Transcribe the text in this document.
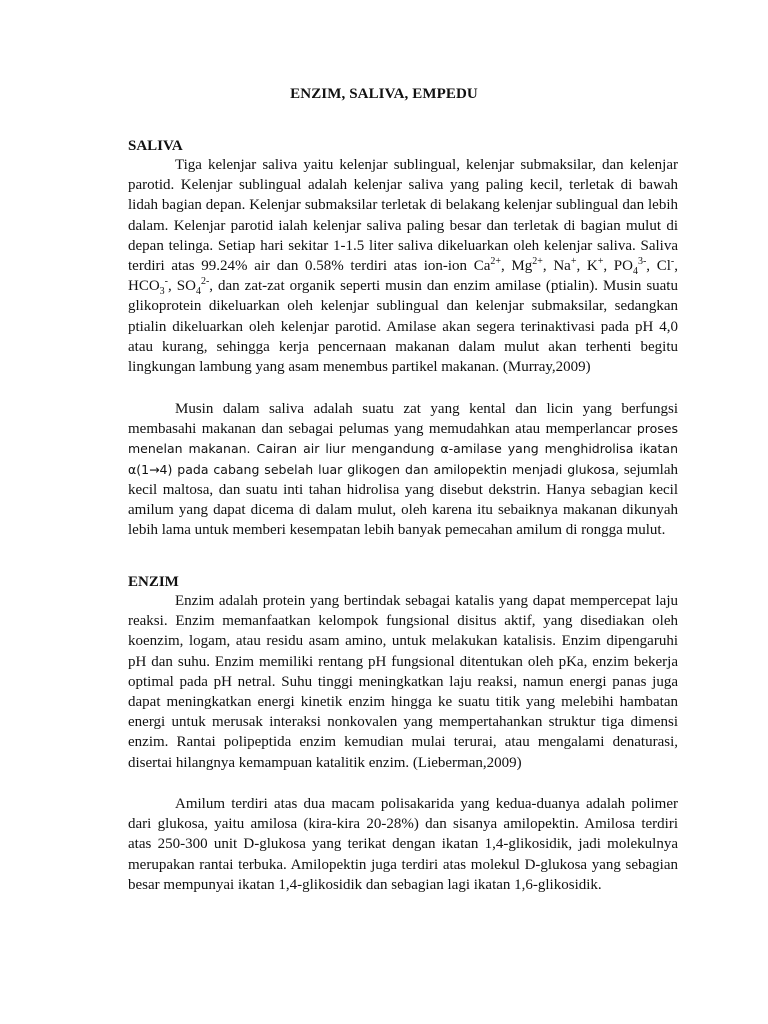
ENZIM, SALIVA, EMPEDU
SALIVA

Tiga kelenjar saliva yaitu kelenjar sublingual, kelenjar submaksilar, dan kelenjar parotid. Kelenjar sublingual adalah kelenjar saliva yang paling kecil, terletak di bawah lidah bagian depan. Kelenjar submaksilar terletak di belakang kelenjar sublingual dan lebih dalam. Kelenjar parotid ialah kelenjar saliva paling besar dan terletak di bagian mulut di depan telinga. Setiap hari sekitar 1-1.5 liter saliva dikeluarkan oleh kelenjar saliva. Saliva terdiri atas 99.24% air dan 0.58% terdiri atas ion-ion $Ca^{2+}$, $Mg^{2+}$, Na+, K+, $PO_4^{3-}$, Cl-, $HCO_3^-$, $SO_4^{2-}$, dan zat-zat organik seperti musin dan enzim amilase (ptialin). Musin suatu glikoprotein dikeluarkan oleh kelenjar sublingual dan kelenjar submaksilar, sedangkan ptialin dikeluarkan oleh kelenjar parotid. Amilase akan segera terinaktivasi pada pH 4,0 atau kurang, sehingga kerja pencernaan makanan dalam mulut akan terhenti begitu lingkungan lambung yang asam menembus partikel makanan. (Murray,2009)

Musin dalam saliva adalah suatu zat yang kental dan licin yang berfungsi membasahi makanan dan sebagai pelumas yang memudahkan atau memperlancar proses menelan makanan. Cairan air liur mengandung α-amilase yang menghidrolisa ikatan α(1→4) pada cabang sebelah luar glikogen dan amilopektin menjadi glukosa, sejumlah kecil maltosa, dan suatu inti tahan hidrolisa yang disebut dekstrin. Hanya sebagian kecil amilum yang dapat dicema di dalam mulut, oleh karena itu sebaiknya makanan dikunyah lebih lama untuk memberi kesempatan lebih banyak pemecahan amilum di rongga mulut.

ENZIM

Enzim adalah protein yang bertindak sebagai katalis yang dapat mempercepat laju reaksi. Enzim memanfaatkan kelompok fungsional disitus aktif, yang disediakan oleh koenzim, logam, atau residu asam amino, untuk melakukan katalisis. Enzim dipengaruhi pH dan suhu. Enzim memiliki rentang pH fungsional ditentukan oleh pKa, enzim bekerja optimal pada pH netral. Suhu tinggi meningkatkan laju reaksi, namun energi panas juga dapat meningkatkan energi kinetik enzim hingga ke suatu titik yang melebihi hambatan energi untuk merusak interaksi nonkovalen yang mempertahankan struktur tiga dimensi enzim. Rantai polipeptida enzim kemudian mulai terurai, atau mengalami denaturasi, disertai hilangnya kemampuan katalitik enzim. (Lieberman,2009)

Amilum terdiri atas dua macam polisakarida yang kedua-duanya adalah polimer dari glukosa, yaitu amilosa (kira-kira 20-28%) dan sisanya amilopektin. Amilosa terdiri atas 250-300 unit D-glukosa yang terikat dengan ikatan 1,4-glikosidik, jadi molekulnya merupakan rantai terbuka. Amilopektin juga terdiri atas molekul D-glukosa yang sebagian besar mempunyai ikatan 1,4-glikosidik dan sebagian lagi ikatan 1,6-glikosidik.
